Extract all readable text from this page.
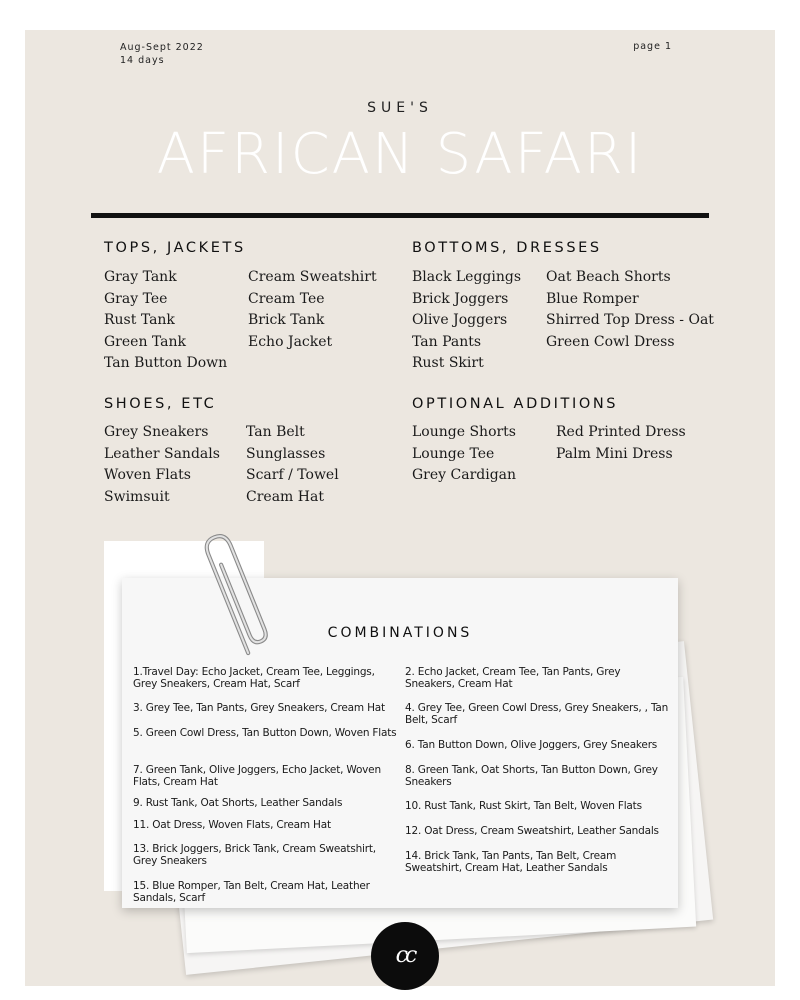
Aug-Sept 2022
14 days
page 1
SUE'S
AFRICAN SAFARI
TOPS, JACKETS
Gray Tank
Gray Tee
Rust Tank
Green Tank
Tan Button Down
Cream Sweatshirt
Cream Tee
Brick Tank
Echo Jacket
BOTTOMS, DRESSES
Black Leggings
Brick Joggers
Olive Joggers
Tan Pants
Rust Skirt
Oat Beach Shorts
Blue Romper
Shirred Top Dress - Oat
Green Cowl Dress
SHOES, ETC
Grey Sneakers
Leather Sandals
Woven Flats
Swimsuit
Tan Belt
Sunglasses
Scarf / Towel
Cream Hat
OPTIONAL ADDITIONS
Lounge Shorts
Lounge Tee
Grey Cardigan
Red Printed Dress
Palm Mini Dress
COMBINATIONS
1.Travel Day: Echo Jacket, Cream Tee, Leggings, Grey Sneakers, Cream Hat, Scarf
3. Grey Tee, Tan Pants, Grey Sneakers, Cream Hat
5. Green Cowl Dress, Tan Button Down, Woven Flats
7. Green Tank, Olive Joggers, Echo Jacket, Woven Flats, Cream Hat
9. Rust Tank, Oat Shorts, Leather Sandals
11. Oat Dress, Woven Flats, Cream Hat
13. Brick Joggers, Brick Tank, Cream Sweatshirt, Grey Sneakers
15. Blue Romper, Tan Belt, Cream Hat, Leather Sandals, Scarf
2. Echo Jacket, Cream Tee, Tan Pants, Grey Sneakers, Cream Hat
4. Grey Tee, Green Cowl Dress, Grey Sneakers, , Tan Belt, Scarf
6. Tan Button Down, Olive Joggers, Grey Sneakers
8. Green Tank, Oat Shorts, Tan Button Down, Grey Sneakers
10. Rust Tank, Rust Skirt, Tan Belt, Woven Flats
12. Oat Dress, Cream Sweatshirt, Leather Sandals
14. Brick Tank, Tan Pants, Tan Belt, Cream Sweatshirt, Cream Hat, Leather Sandals
cc
